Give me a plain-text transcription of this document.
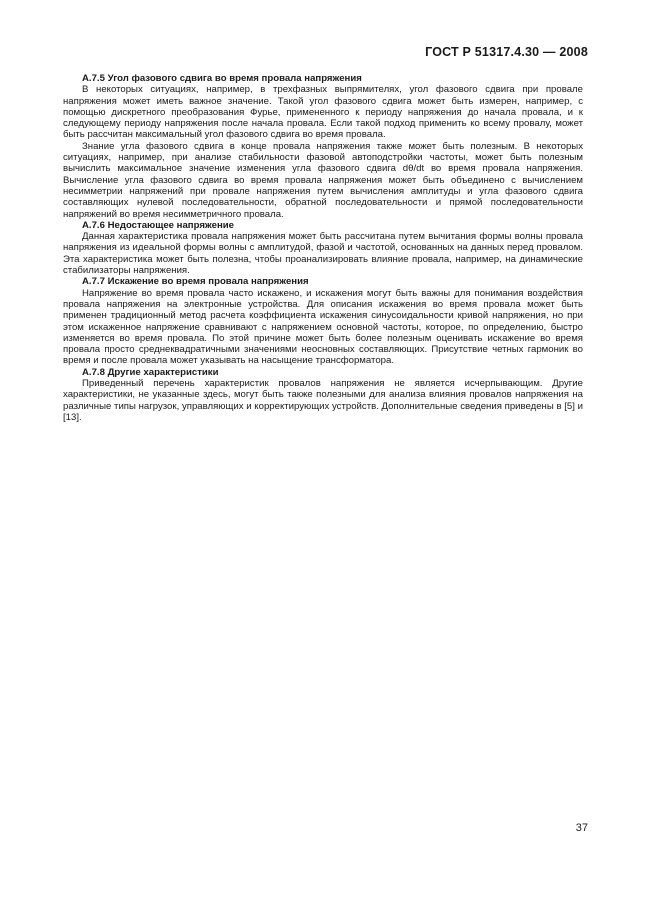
ГОСТ Р 51317.4.30 — 2008
А.7.5 Угол фазового сдвига во время провала напряжения

В некоторых ситуациях, например, в трехфазных выпрямителях, угол фазового сдвига при провале напряжения может иметь важное значение. Такой угол фазового сдвига может быть измерен, например, с помощью дискретного преобразования Фурье, примененного к периоду напряжения до начала провала, и к следующему периоду напряжения после начала провала. Если такой подход применить ко всему провалу, может быть рассчитан максимальный угол фазового сдвига во время провала.

Знание угла фазового сдвига в конце провала напряжения также может быть полезным. В некоторых ситуациях, например, при анализе стабильности фазовой автоподстройки частоты, может быть полезным вычислить максимальное значение изменения угла фазового сдвига dθ/dt во время провала напряжения. Вычисление угла фазового сдвига во время провала напряжения может быть объединено с вычислением несимметрии напряжений при провале напряжения путем вычисления амплитуды и угла фазового сдвига составляющих нулевой последовательности, обратной последовательности и прямой последовательности напряжений во время несимметричного провала.

А.7.6 Недостающее напряжение

Данная характеристика провала напряжения может быть рассчитана путем вычитания формы волны провала напряжения из идеальной формы волны с амплитудой, фазой и частотой, основанных на данных перед провалом. Эта характеристика может быть полезна, чтобы проанализировать влияние провала, например, на динамические стабилизаторы напряжения.

А.7.7 Искажение во время провала напряжения

Напряжение во время провала часто искажено, и искажения могут быть важны для понимания воздействия провала напряжения на электронные устройства. Для описания искажения во время провала может быть применен традиционный метод расчета коэффициента искажения синусоидальности кривой напряжения, но при этом искаженное напряжение сравнивают с напряжением основной частоты, которое, по определению, быстро изменяется во время провала. По этой причине может быть более полезным оценивать искажение во время провала просто среднеквадратичными значениями неосновных составляющих. Присутствие четных гармоник во время и после провала может указывать на насыщение трансформатора.

А.7.8 Другие характеристики

Приведенный перечень характеристик провалов напряжения не является исчерпывающим. Другие характеристики, не указанные здесь, могут быть также полезными для анализа влияния провалов напряжения на различные типы нагрузок, управляющих и корректирующих устройств. Дополнительные сведения приведены в [5] и [13].

37
